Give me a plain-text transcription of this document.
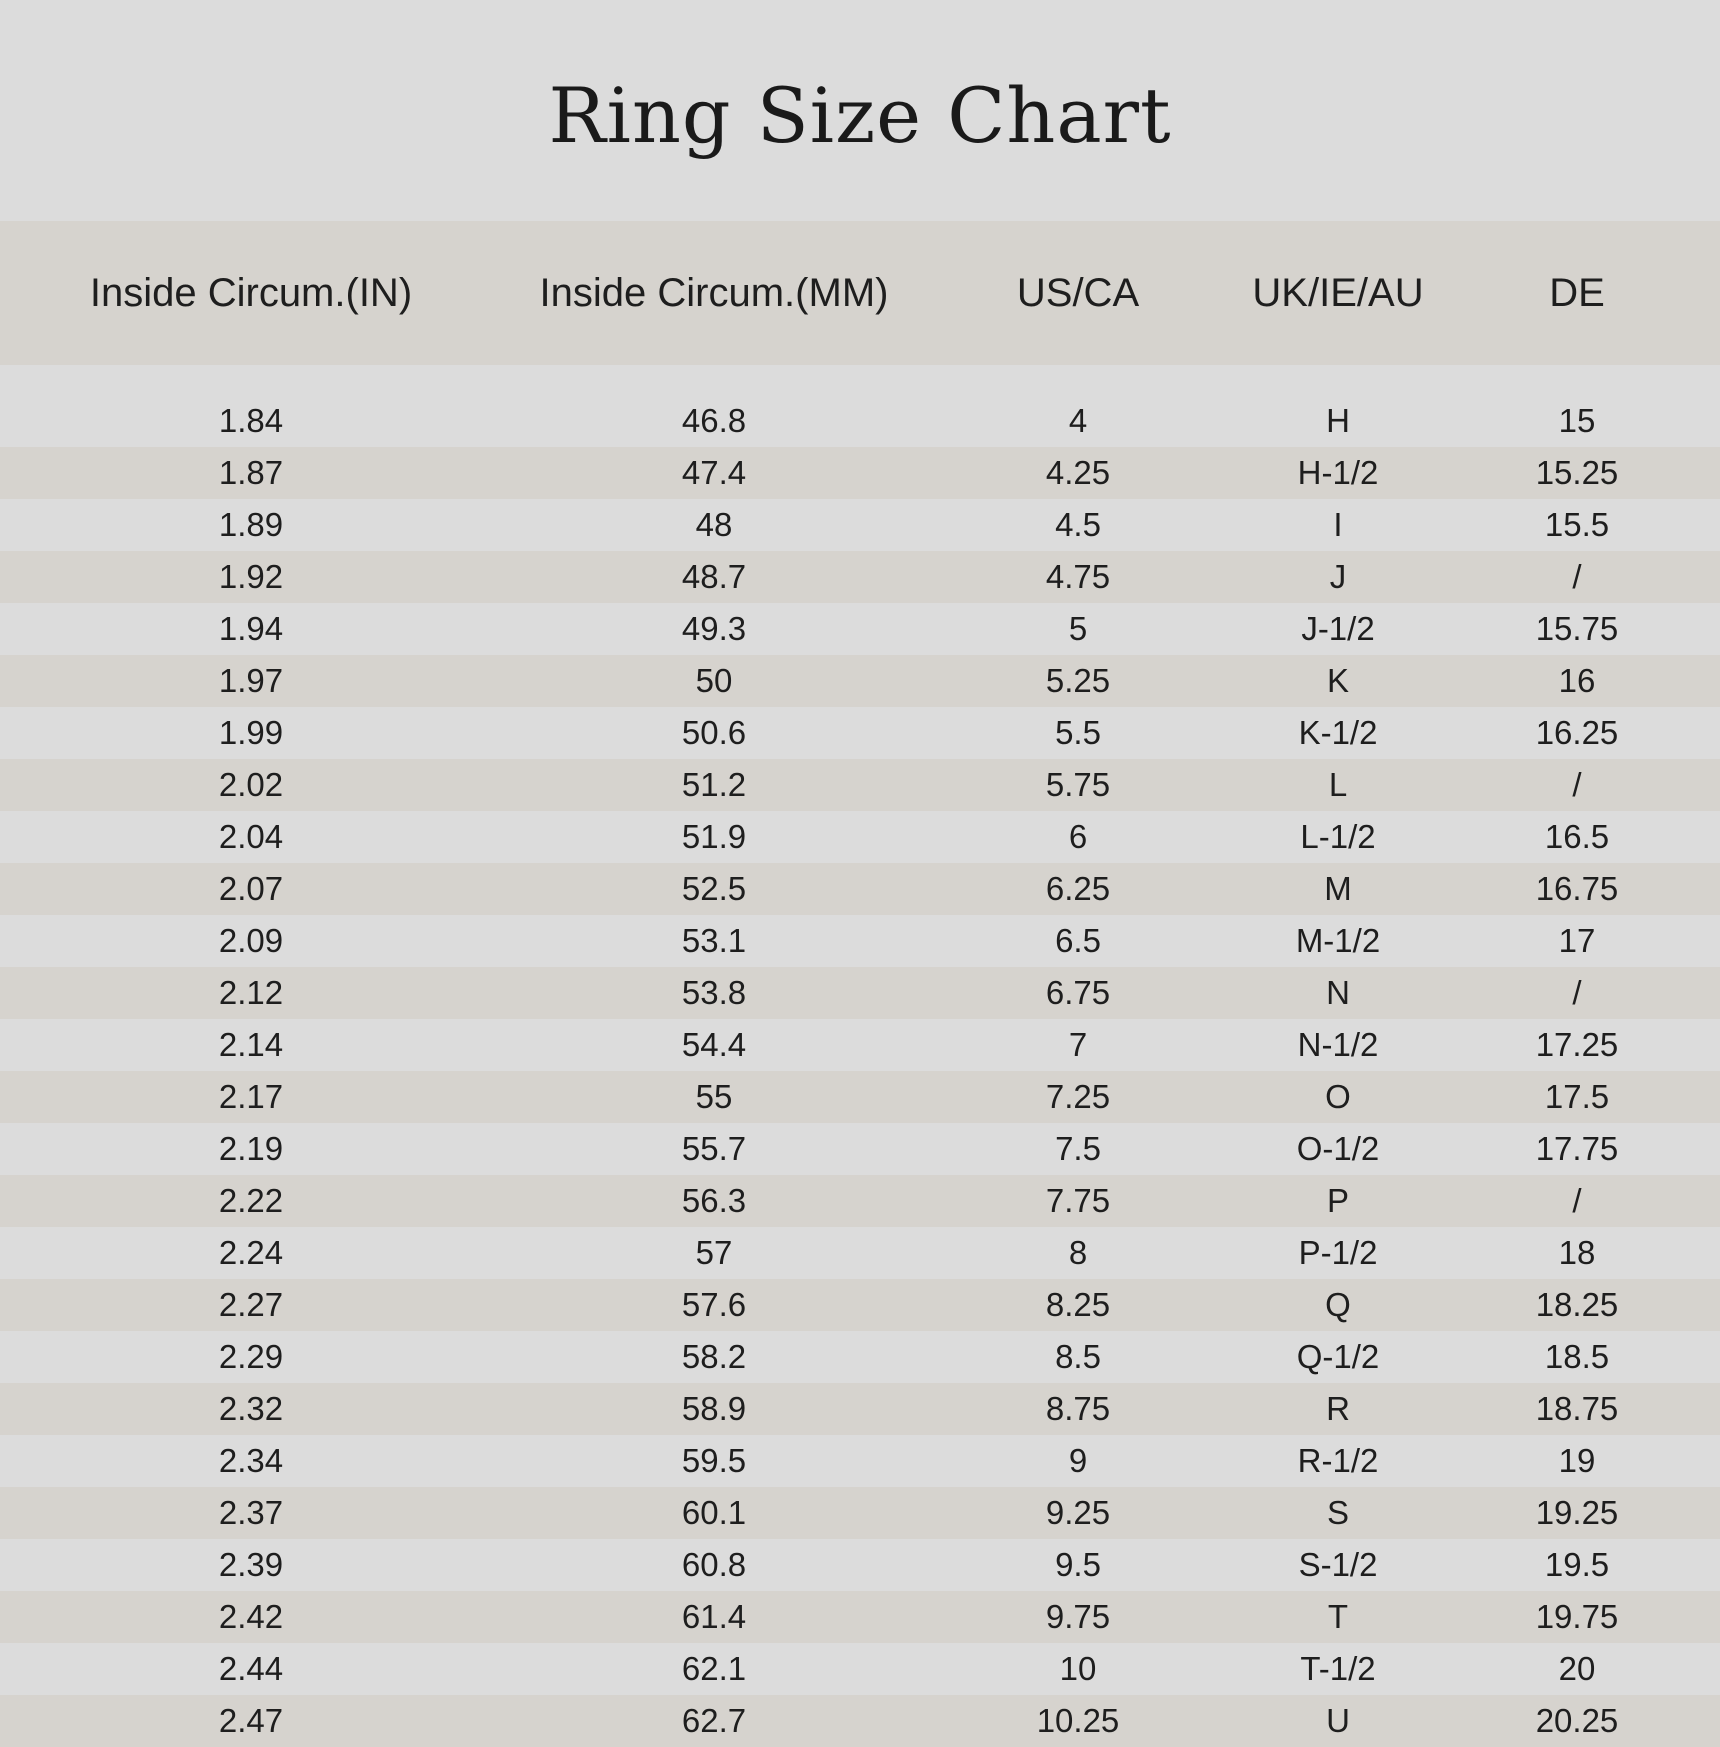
Ring Size Chart
Inside Circum.(IN)	Inside Circum.(MM)	US/CA	UK/IE/AU	DE
1.84	46.8	4	H	15
1.87	47.4	4.25	H-1/2	15.25
1.89	48	4.5	I	15.5
1.92	48.7	4.75	J	/
1.94	49.3	5	J-1/2	15.75
1.97	50	5.25	K	16
1.99	50.6	5.5	K-1/2	16.25
2.02	51.2	5.75	L	/
2.04	51.9	6	L-1/2	16.5
2.07	52.5	6.25	M	16.75
2.09	53.1	6.5	M-1/2	17
2.12	53.8	6.75	N	/
2.14	54.4	7	N-1/2	17.25
2.17	55	7.25	O	17.5
2.19	55.7	7.5	O-1/2	17.75
2.22	56.3	7.75	P	/
2.24	57	8	P-1/2	18
2.27	57.6	8.25	Q	18.25
2.29	58.2	8.5	Q-1/2	18.5
2.32	58.9	8.75	R	18.75
2.34	59.5	9	R-1/2	19
2.37	60.1	9.25	S	19.25
2.39	60.8	9.5	S-1/2	19.5
2.42	61.4	9.75	T	19.75
2.44	62.1	10	T-1/2	20
2.47	62.7	10.25	U	20.25
